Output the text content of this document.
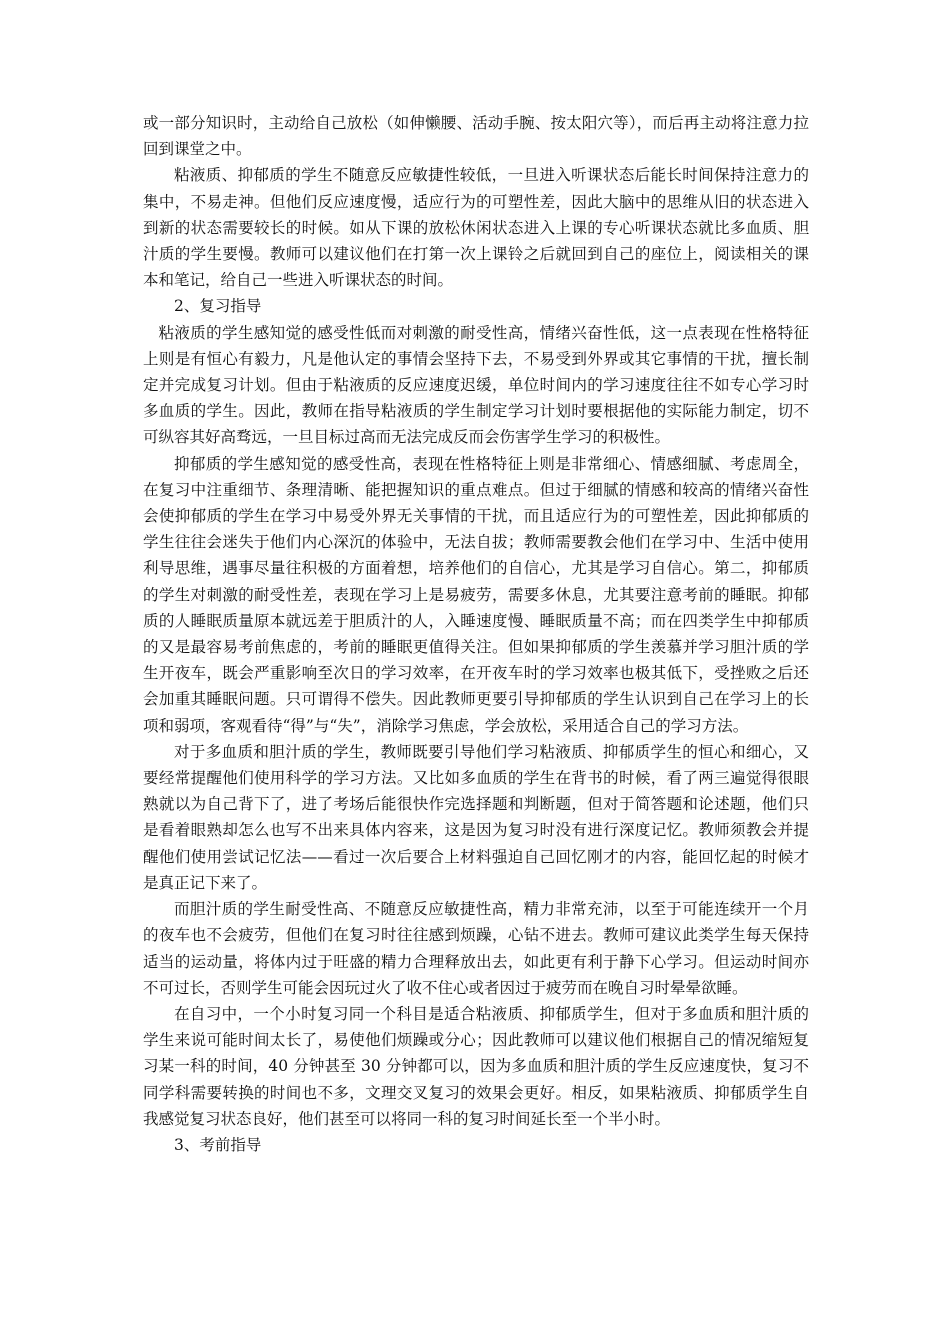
或一部分知识时，主动给自己放松（如伸懒腰、活动手腕、按太阳穴等），而后再主动将注意力拉回到课堂之中。

粘液质、抑郁质的学生不随意反应敏捷性较低，一旦进入听课状态后能长时间保持注意力的集中，不易走神。但他们反应速度慢，适应行为的可塑性差，因此大脑中的思维从旧的状态进入到新的状态需要较长的时候。如从下课的放松休闲状态进入上课的专心听课状态就比多血质、胆汁质的学生要慢。教师可以建议他们在打第一次上课铃之后就回到自己的座位上，阅读相关的课本和笔记，给自己一些进入听课状态的时间。

2、复习指导

粘液质的学生感知觉的感受性低而对刺激的耐受性高，情绪兴奋性低，这一点表现在性格特征上则是有恒心有毅力，凡是他认定的事情会坚持下去，不易受到外界或其它事情的干扰，擅长制定并完成复习计划。但由于粘液质的反应速度迟缓，单位时间内的学习速度往往不如专心学习时多血质的学生。因此，教师在指导粘液质的学生制定学习计划时要根据他的实际能力制定，切不可纵容其好高骛远，一旦目标过高而无法完成反而会伤害学生学习的积极性。

抑郁质的学生感知觉的感受性高，表现在性格特征上则是非常细心、情感细腻、考虑周全，在复习中注重细节、条理清晰、能把握知识的重点难点。但过于细腻的情感和较高的情绪兴奋性会使抑郁质的学生在学习中易受外界无关事情的干扰，而且适应行为的可塑性差，因此抑郁质的学生往往会迷失于他们内心深沉的体验中，无法自拔；教师需要教会他们在学习中、生活中使用利导思维，遇事尽量往积极的方面着想，培养他们的自信心，尤其是学习自信心。第二，抑郁质的学生对刺激的耐受性差，表现在学习上是易疲劳，需要多休息，尤其要注意考前的睡眠。抑郁质的人睡眠质量原本就远差于胆质汁的人，入睡速度慢、睡眠质量不高；而在四类学生中抑郁质的又是最容易考前焦虑的，考前的睡眠更值得关注。但如果抑郁质的学生羡慕并学习胆汁质的学生开夜车，既会严重影响至次日的学习效率，在开夜车时的学习效率也极其低下，受挫败之后还会加重其睡眠问题。只可谓得不偿失。因此教师更要引导抑郁质的学生认识到自己在学习上的长项和弱项，客观看待“得”与“失”，消除学习焦虑，学会放松，采用适合自己的学习方法。

对于多血质和胆汁质的学生，教师既要引导他们学习粘液质、抑郁质学生的恒心和细心，又要经常提醒他们使用科学的学习方法。又比如多血质的学生在背书的时候，看了两三遍觉得很眼熟就以为自己背下了，进了考场后能很快作完选择题和判断题，但对于简答题和论述题，他们只是看着眼熟却怎么也写不出来具体内容来，这是因为复习时没有进行深度记忆。教师须教会并提醒他们使用尝试记忆法——看过一次后要合上材料强迫自己回忆刚才的内容，能回忆起的时候才是真正记下来了。

而胆汁质的学生耐受性高、不随意反应敏捷性高，精力非常充沛，以至于可能连续开一个月的夜车也不会疲劳，但他们在复习时往往感到烦躁，心钻不进去。教师可建议此类学生每天保持适当的运动量，将体内过于旺盛的精力合理释放出去，如此更有利于静下心学习。但运动时间亦不可过长，否则学生可能会因玩过火了收不住心或者因过于疲劳而在晚自习时晕晕欲睡。

在自习中，一个小时复习同一个科目是适合粘液质、抑郁质学生，但对于多血质和胆汁质的学生来说可能时间太长了，易使他们烦躁或分心；因此教师可以建议他们根据自己的情况缩短复习某一科的时间，40 分钟甚至 30 分钟都可以，因为多血质和胆汁质的学生反应速度快，复习不同学科需要转换的时间也不多，文理交叉复习的效果会更好。相反，如果粘液质、抑郁质学生自我感觉复习状态良好，他们甚至可以将同一科的复习时间延长至一个半小时。

3、考前指导
